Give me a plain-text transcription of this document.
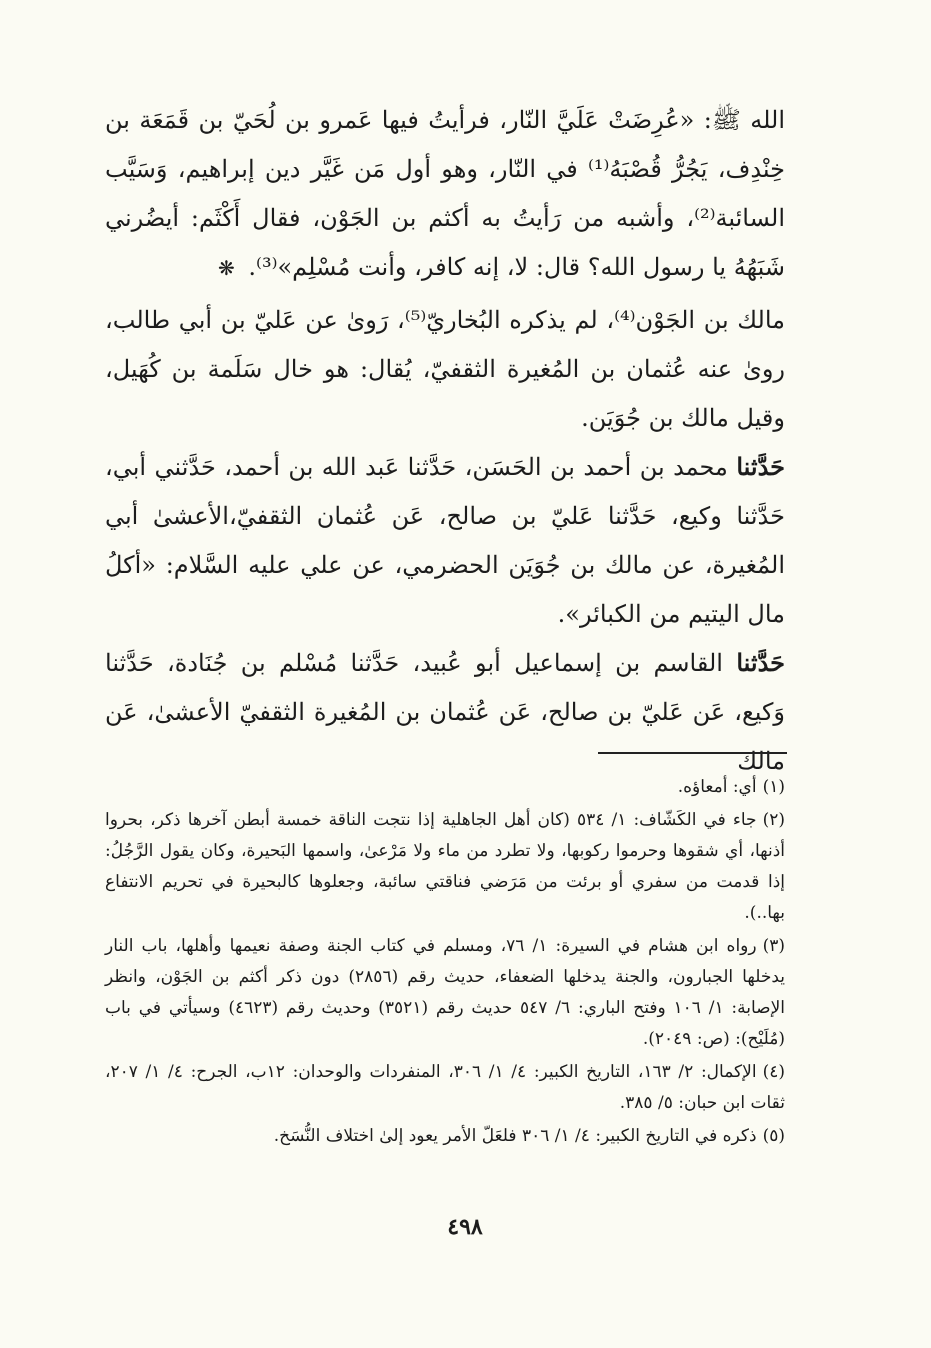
الله ﷺ: «عُرِضَتْ عَلَيَّ النّار، فرأيتُ فيها عَمرو بن لُحَيّ بن قَمَعَة بن خِنْدِف، يَجُرُّ قُصْبَهُ⁽¹⁾ في النّار، وهو أول مَن غَيَّر دين إبراهيم، وَسَيَّب السائبة⁽²⁾، وأشبه من رَأيتُ به أكثم بن الجَوْن، فقال أَكْثَم: أيضُرني شَبَهُهُ يا رسول الله؟ قال: لا، إنه كافر، وأنت مُسْلِم»⁽³⁾. ❋

مالك بن الجَوْن⁽⁴⁾، لم يذكره البُخاريّ⁽⁵⁾، رَوىٰ عن عَليّ بن أبي طالب، روىٰ عنه عُثمان بن المُغيرة الثقفيّ، يُقال: هو خال سَلَمة بن كُهَيل، وقيل مالك بن جُوَيَن.

حَدَّثنا محمد بن أحمد بن الحَسَن، حَدَّثنا عَبد الله بن أحمد، حَدَّثني أبي، حَدَّثنا وكيع، حَدَّثنا عَليّ بن صالح، عَن عُثمان الثقفيّ،الأعشىٰ أبي المُغيرة، عن مالك بن جُوَيَن الحضرمي، عن علي عليه السَّلام: «أكلُ مال اليتيم من الكبائر».

حَدَّثنا القاسم بن إسماعيل أبو عُبيد، حَدَّثنا مُسْلم بن جُنَادة، حَدَّثنا وَكيع، عَن عَليّ بن صالح، عَن عُثمان بن المُغيرة الثقفيّ الأعشىٰ، عَن مالك

(١)أي: أمعاؤه.

(٢)جاء في الكَشّاف: ١/ ٥٣٤ (كان أهل الجاهلية إذا نتجت الناقة خمسة أبطن آخرها ذكر، بحروا أذنها، أي شقوها وحرموا ركوبها، ولا تطرد من ماء ولا مَرْعىٰ، واسمها البَحيرة، وكان يقول الرَّجُلُ: إذا قدمت من سفري أو برئت من مَرَضي فناقتي سائبة، وجعلوها كالبحيرة في تحريم الانتفاع بها..).

(٣)رواه ابن هشام في السيرة: ١/ ٧٦، ومسلم في كتاب الجنة وصفة نعيمها وأهلها، باب النار يدخلها الجبارون، والجنة يدخلها الضعفاء، حديث رقم (٢٨٥٦) دون ذكر أكثم بن الجَوْن، وانظر الإصابة: ١/ ١٠٦ وفتح الباري: ٦/ ٥٤٧ حديث رقم (٣٥٢١) وحديث رقم (٤٦٢٣) وسيأتي في باب (مُلَيْح): (ص: ٢٠٤٩).

(٤)الإكمال: ٢/ ١٦٣، التاريخ الكبير: ٤/ ١/ ٣٠٦، المنفردات والوحدان: ١٢ب، الجرح: ٤/ ١/ ٢٠٧، ثقات ابن حبان: ٥/ ٣٨٥.

(٥)ذكره في التاريخ الكبير: ٤/ ١/ ٣٠٦ فلعَلّ الأمر يعود إلىٰ اختلاف النُّسَخ.

٤٩٨
